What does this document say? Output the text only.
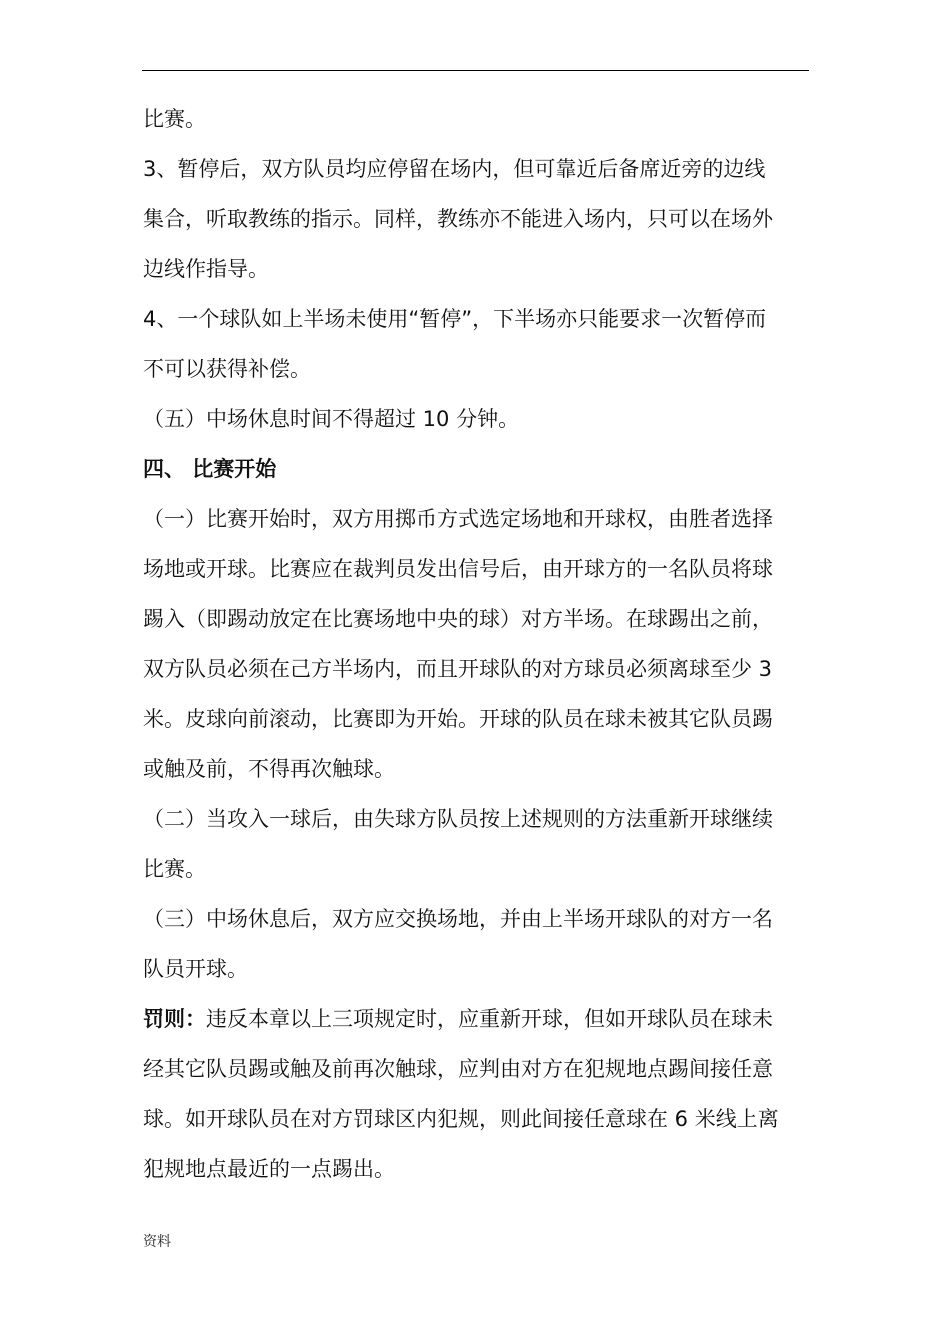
比赛。
3、暂停后，双方队员均应停留在场内，但可靠近后备席近旁的边线
集合，听取教练的指示。同样，教练亦不能进入场内，只可以在场外
边线作指导。
4、一个球队如上半场未使用“暂停”，下半场亦只能要求一次暂停而
不可以获得补偿。
（五）中场休息时间不得超过 10 分钟。
四、 比赛开始
（一）比赛开始时，双方用掷币方式选定场地和开球权，由胜者选择
场地或开球。比赛应在裁判员发出信号后，由开球方的一名队员将球
踢入（即踢动放定在比赛场地中央的球）对方半场。在球踢出之前，
双方队员必须在己方半场内，而且开球队的对方球员必须离球至少 3
米。皮球向前滚动，比赛即为开始。开球的队员在球未被其它队员踢
或触及前，不得再次触球。
（二）当攻入一球后，由失球方队员按上述规则的方法重新开球继续
比赛。
（三）中场休息后，双方应交换场地，并由上半场开球队的对方一名
队员开球。
罚则：违反本章以上三项规定时，应重新开球，但如开球队员在球未
经其它队员踢或触及前再次触球，应判由对方在犯规地点踢间接任意
球。如开球队员在对方罚球区内犯规，则此间接任意球在 6 米线上离
犯规地点最近的一点踢出。
资料
